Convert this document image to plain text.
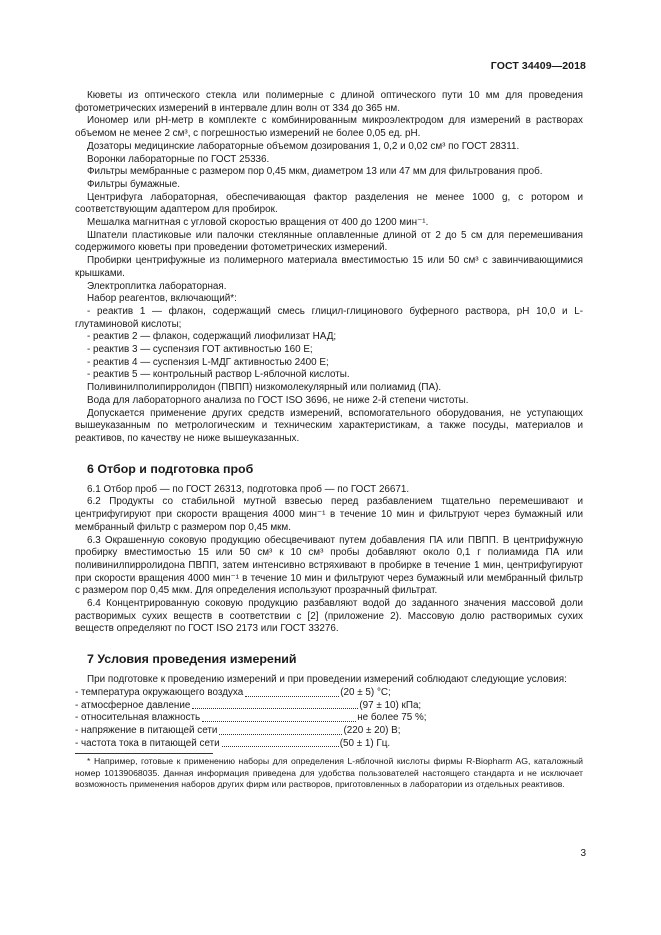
ГОСТ 34409—2018

Кюветы из оптического стекла или полимерные с длиной оптического пути 10 мм для проведения фотометрических измерений в интервале длин волн от 334 до 365 нм.

Иономер или pH-метр в комплекте с комбинированным микроэлектродом для измерений в растворах объемом не менее 2 см³, с погрешностью измерений не более 0,05 ед. pH.

Дозаторы медицинские лабораторные объемом дозирования 1, 0,2 и 0,02 см³ по ГОСТ 28311.

Воронки лабораторные по ГОСТ 25336.

Фильтры мембранные с размером пор 0,45 мкм, диаметром 13 или 47 мм для фильтрования проб.

Фильтры бумажные.

Центрифуга лабораторная, обеспечивающая фактор разделения не менее 1000 g, с ротором и соответствующим адаптером для пробирок.

Мешалка магнитная с угловой скоростью вращения от 400 до 1200 мин⁻¹.

Шпатели пластиковые или палочки стеклянные оплавленные длиной от 2 до 5 см для перемешивания содержимого кюветы при проведении фотометрических измерений.

Пробирки центрифужные из полимерного материала вместимостью 15 или 50 см³ с завинчивающимися крышками.

Электроплитка лабораторная.

Набор реагентов, включающий*:

- реактив 1 — флакон, содержащий смесь глицил-глицинового буферного раствора, pH 10,0 и L-глутаминовой кислоты;

- реактив 2 — флакон, содержащий лиофилизат НАД;

- реактив 3 — суспензия ГОТ активностью 160 Е;

- реактив 4 — суспензия L-МДГ активностью 2400 Е;

- реактив 5 — контрольный раствор L-яблочной кислоты.

Поливинилполипирролидон (ПВПП) низкомолекулярный или полиамид (ПА).

Вода для лабораторного анализа по ГОСТ ISO 3696, не ниже 2-й степени чистоты.

Допускается применение других средств измерений, вспомогательного оборудования, не уступающих вышеуказанным по метрологическим и техническим характеристикам, а также посуды, материалов и реактивов, по качеству не ниже вышеуказанных.

6 Отбор и подготовка проб

6.1 Отбор проб — по ГОСТ 26313, подготовка проб — по ГОСТ 26671.

6.2 Продукты со стабильной мутной взвесью перед разбавлением тщательно перемешивают и центрифугируют при скорости вращения 4000 мин⁻¹ в течение 10 мин и фильтруют через бумажный или мембранный фильтр с размером пор 0,45 мкм.

6.3 Окрашенную соковую продукцию обесцвечивают путем добавления ПА или ПВПП. В центрифужную пробирку вместимостью 15 или 50 см³ к 10 см³ пробы добавляют около 0,1 г полиамида ПА или поливинилпирролидона ПВПП, затем интенсивно встряхивают в пробирке в течение 1 мин, центрифугируют при скорости вращения 4000 мин⁻¹ в течение 10 мин и фильтруют через бумажный или мембранный фильтр с размером пор 0,45 мкм. Для определения используют прозрачный фильтрат.

6.4 Концентрированную соковую продукцию разбавляют водой до заданного значения массовой доли растворимых сухих веществ в соответствии с [2] (приложение 2). Массовую долю растворимых сухих веществ определяют по ГОСТ ISO 2173 или ГОСТ 33276.

7 Условия проведения измерений

При подготовке к проведению измерений и при проведении измерений соблюдают следующие условия:

- температура окружающего воздуха	(20 ± 5) °С;
- атмосферное давление	(97 ± 10) кПа;
- относительная влажность	не более 75 %;
- напряжение в питающей сети	(220 ± 20) В;
- частота тока в питающей сети	(50 ± 1) Гц.

* Например, готовые к применению наборы для определения L-яблочной кислоты фирмы R-Biopharm AG, каталожный номер 10139068035. Данная информация приведена для удобства пользователей настоящего стандарта и не исключает возможность применения наборов других фирм или растворов, приготовленных в лаборатории из отдельных реактивов.

3
